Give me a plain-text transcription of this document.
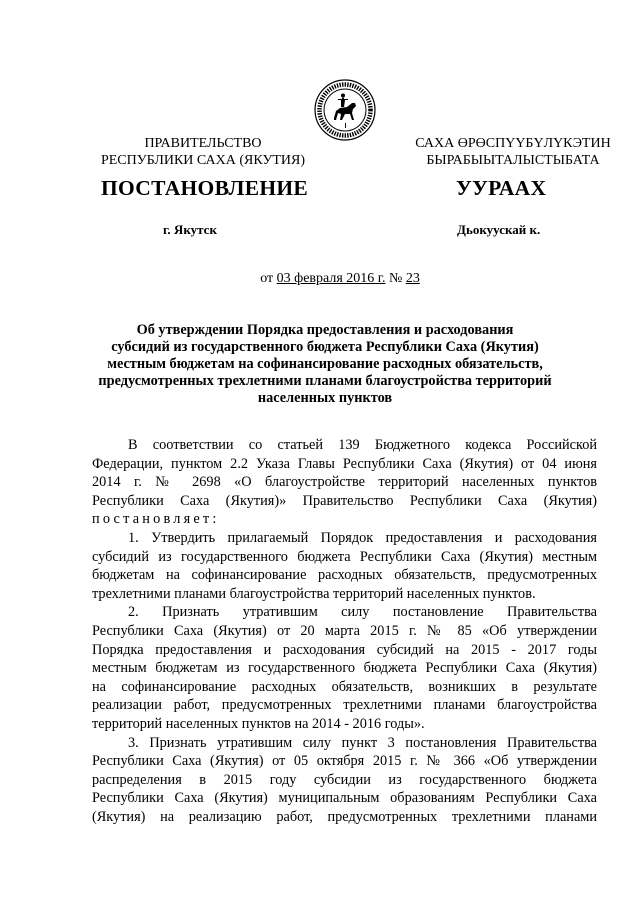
ПРАВИТЕЛЬСТВО
РЕСПУБЛИКИ САХА (ЯКУТИЯ)
САХА ӨРӨСПҮҮБҮЛҮКЭТИН
БЫРАБЫЫТАЛЫСТЫБАТА
ПОСТАНОВЛЕНИЕ	УУРААХ
г. Якутск	Дьокуускай к.
от 03 февраля 2016 г. № 23
Об утверждении Порядка предоставления и расходования
субсидий из государственного бюджета Республики Саха (Якутия)
местным бюджетам на софинансирование расходных обязательств,
предусмотренных трехлетними планами благоустройства территорий
населенных пунктов
В соответствии со статьей 139 Бюджетного кодекса Российской
Федерации, пунктом 2.2 Указа Главы Республики Саха (Якутия) от 04 июня
2014 г. № 2698 «О благоустройстве территорий населенных пунктов
Республики Саха (Якутия)» Правительство Республики Саха (Якутия)
постановляет:
1. Утвердить прилагаемый Порядок предоставления и расходования
субсидий из государственного бюджета Республики Саха (Якутия) местным
бюджетам на софинансирование расходных обязательств, предусмотренных
трехлетними планами благоустройства территорий населенных пунктов.
2. Признать утратившим силу постановление Правительства
Республики Саха (Якутия) от 20 марта 2015 г. № 85 «Об утверждении
Порядка предоставления и расходования субсидий на 2015 - 2017 годы
местным бюджетам из государственного бюджета Республики Саха (Якутия)
на софинансирование расходных обязательств, возникших в результате
реализации работ, предусмотренных трехлетними планами благоустройства
территорий населенных пунктов на 2014 - 2016 годы».
3. Признать утратившим силу пункт 3 постановления Правительства
Республики Саха (Якутия) от 05 октября 2015 г. № 366 «Об утверждении
распределения в 2015 году субсидии из государственного бюджета
Республики Саха (Якутия) муниципальным образованиям Республики Саха
(Якутия) на реализацию работ, предусмотренных трехлетними планами
